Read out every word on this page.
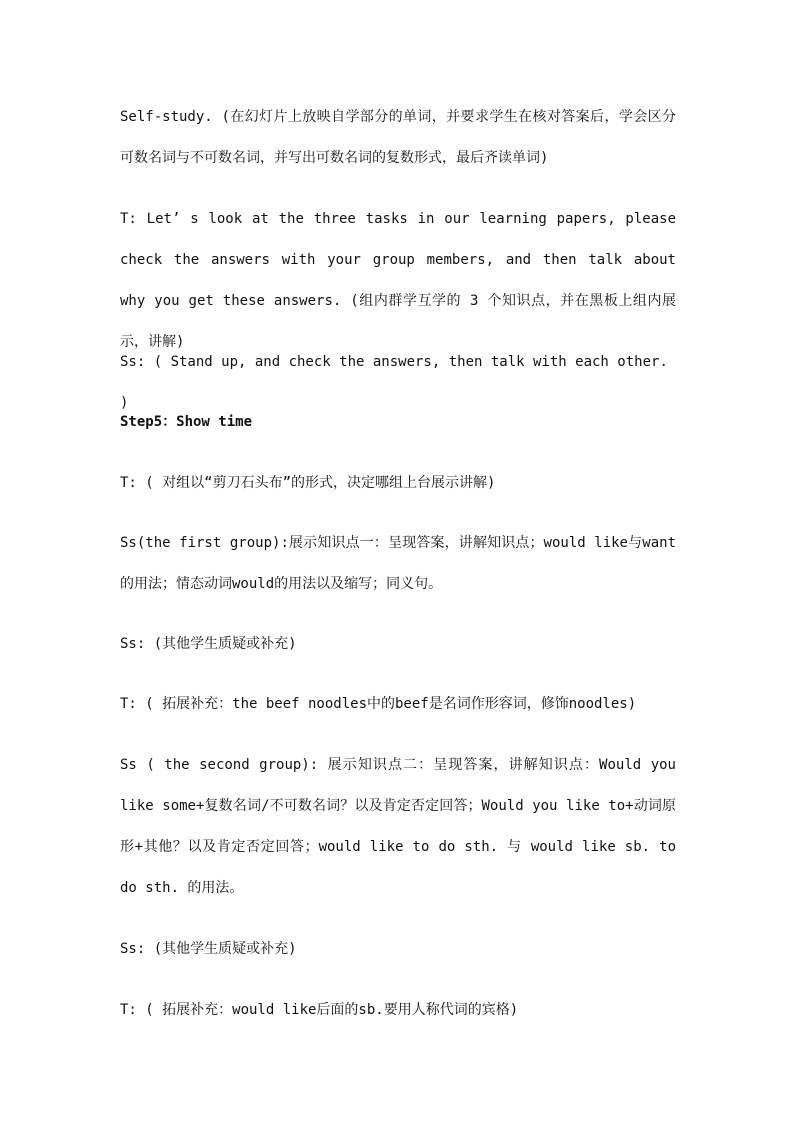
Self-study. (在幻灯片上放映自学部分的单词，并要求学生在核对答案后，学会区分可数名词与不可数名词，并写出可数名词的复数形式，最后齐读单词)

T: Let’ s look at the three tasks in our learning papers, please check the answers with your group members, and then talk about why you get these answers. (组内群学互学的 3 个知识点，并在黑板上组内展示，讲解)

Ss: ( Stand up, and check the answers, then talk with each other. )

Step5：Show time

T: ( 对组以“剪刀石头布”的形式，决定哪组上台展示讲解)

Ss(the first group):展示知识点一：呈现答案，讲解知识点；would like与want的用法；情态动词would的用法以及缩写；同义句。

Ss: (其他学生质疑或补充)

T: ( 拓展补充：the beef noodles中的beef是名词作形容词，修饰noodles)

Ss ( the second group): 展示知识点二：呈现答案，讲解知识点：Would you like some+复数名词/不可数名词？以及肯定否定回答；Would you like to+动词原形+其他？以及肯定否定回答；would like to do sth. 与 would like sb. to do sth. 的用法。

Ss: (其他学生质疑或补充)

T: ( 拓展补充：would like后面的sb.要用人称代词的宾格)
